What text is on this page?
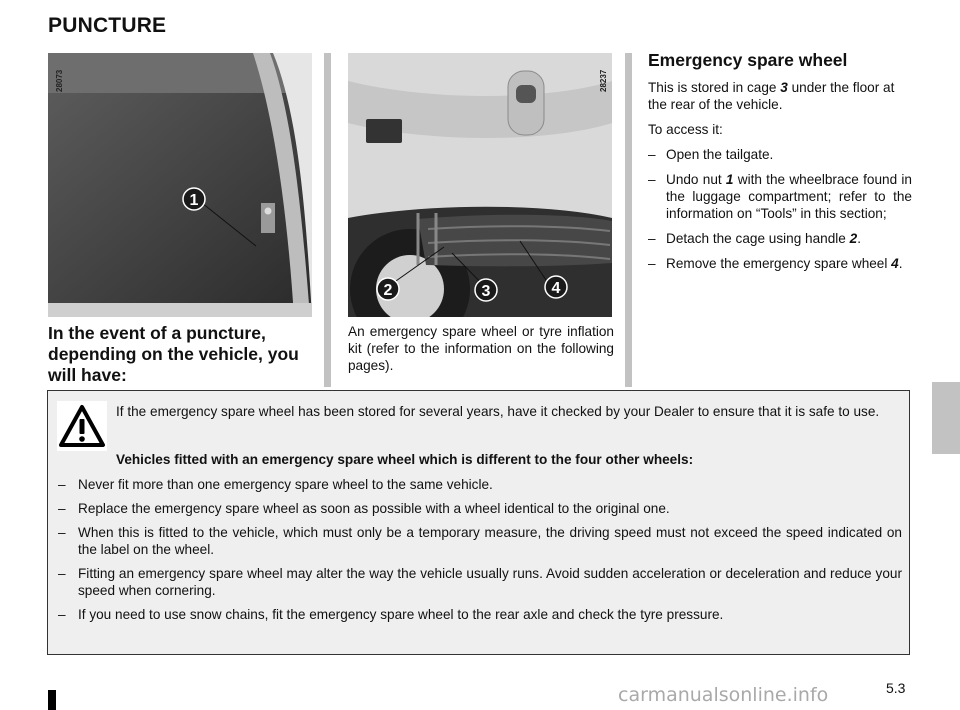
PUNCTURE
1
28073
2	3	4
28237

In the event of a puncture, depending on the vehicle, you will have:

An emergency spare wheel or tyre inflation kit (refer to the information on the following pages).

Emergency spare wheel

This is stored in cage 3 under the floor at the rear of the vehicle.

To access it:

– Open the tailgate.
– Undo nut 1 with the wheelbrace found in the luggage compartment; refer to the information on “Tools” in this section;
– Detach the cage using handle 2.
– Remove the emergency spare wheel 4.

If the emergency spare wheel has been stored for several years, have it checked by your Dealer to ensure that it is safe to use.

Vehicles fitted with an emergency spare wheel which is different to the four other wheels:

– Never fit more than one emergency spare wheel to the same vehicle.
– Replace the emergency spare wheel as soon as possible with a wheel identical to the original one.
– When this is fitted to the vehicle, which must only be a temporary measure, the driving speed must not exceed the speed indicated on the label on the wheel.
– Fitting an emergency spare wheel may alter the way the vehicle usually runs. Avoid sudden acceleration or deceleration and reduce your speed when cornering.
– If you need to use snow chains, fit the emergency spare wheel to the rear axle and check the tyre pressure.

5.3

carmanualsonline.info
